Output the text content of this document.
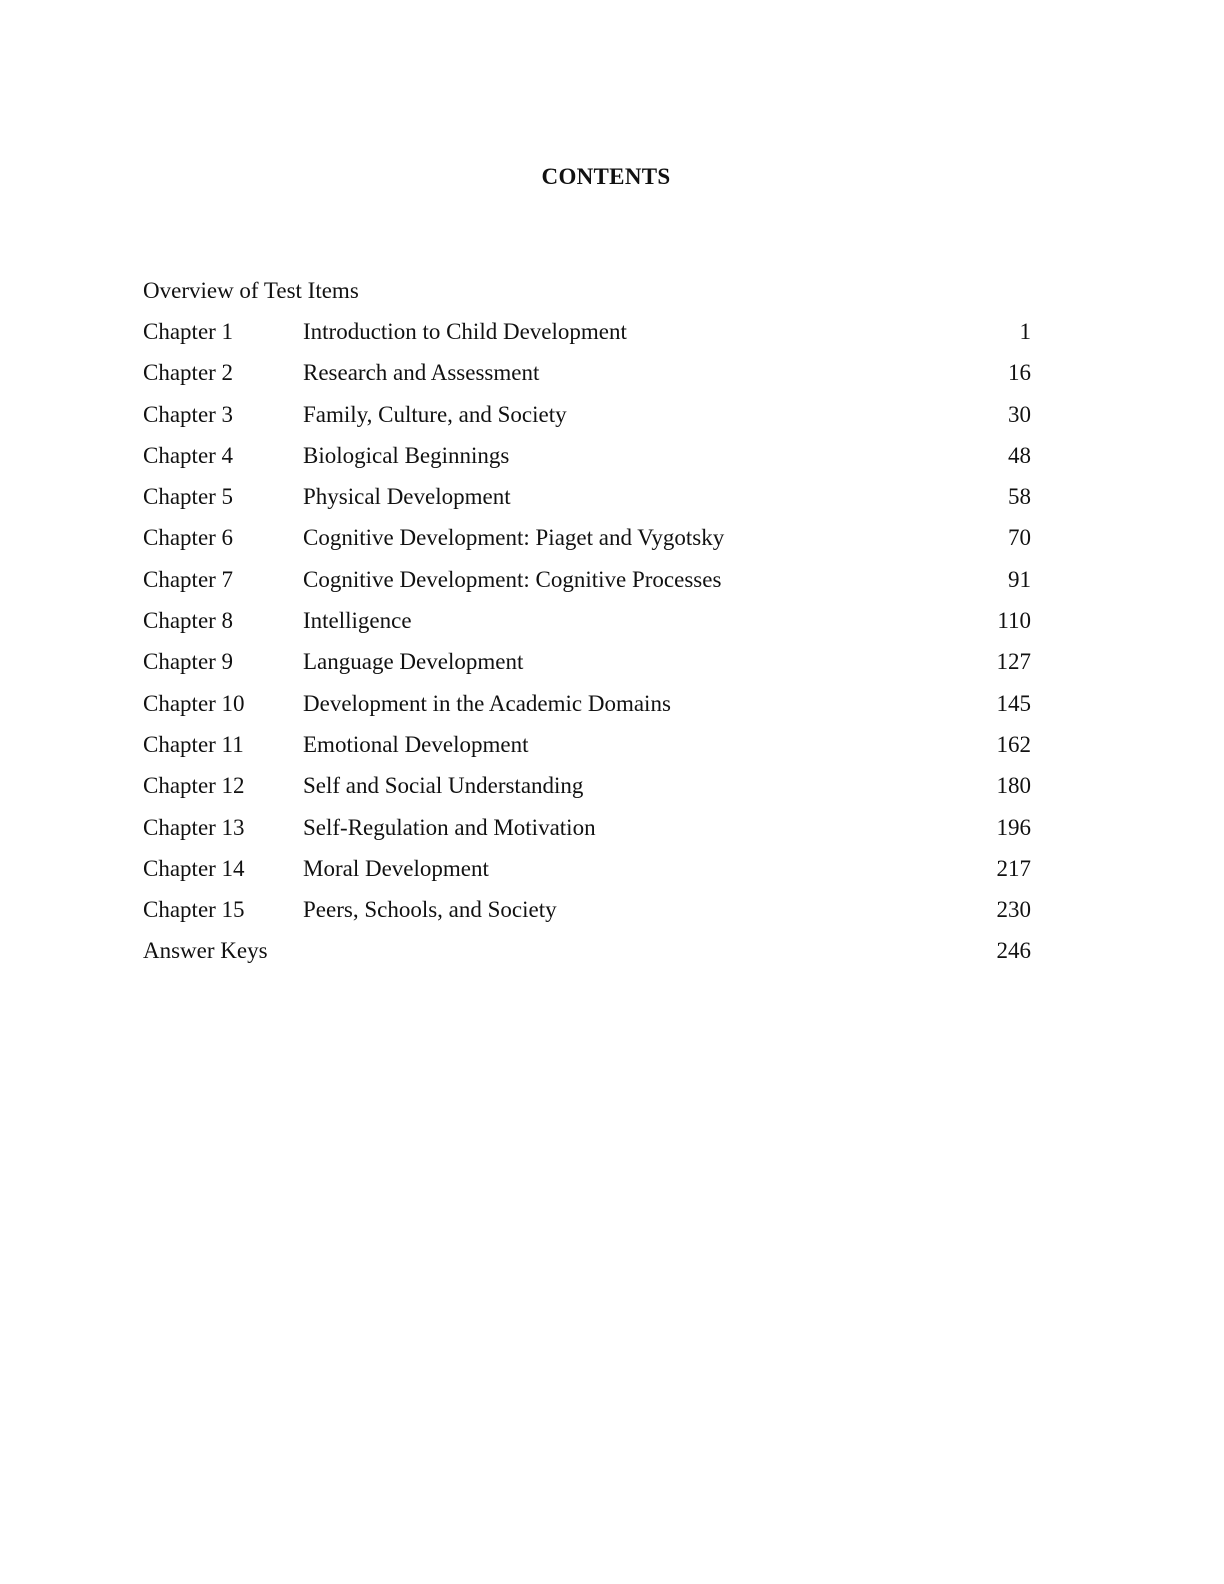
CONTENTS
Overview of Test Items
Chapter 1	Introduction to Child Development	1
Chapter 2	Research and Assessment	16
Chapter 3	Family, Culture, and Society	30
Chapter 4	Biological Beginnings	48
Chapter 5	Physical Development	58
Chapter 6	Cognitive Development: Piaget and Vygotsky	70
Chapter 7	Cognitive Development: Cognitive Processes	91
Chapter 8	Intelligence	110
Chapter 9	Language Development	127
Chapter 10	Development in the Academic Domains	145
Chapter 11	Emotional Development	162
Chapter 12	Self and Social Understanding	180
Chapter 13	Self-Regulation and Motivation	196
Chapter 14	Moral Development	217
Chapter 15	Peers, Schools, and Society	230
Answer Keys	246
